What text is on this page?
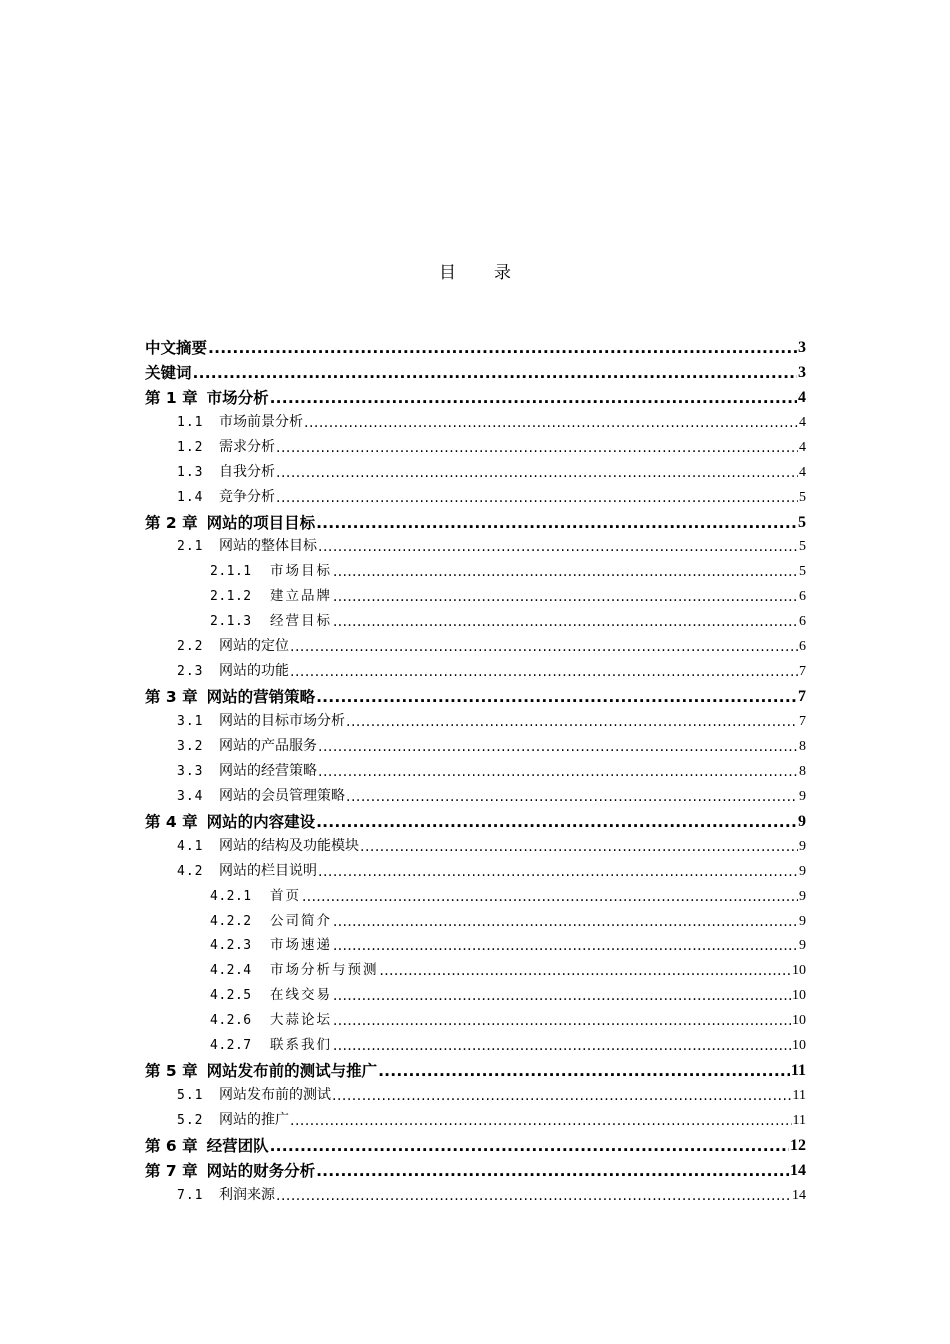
目 录
中文摘要 .....	3
关键词 .....	3
第 1 章 市场分析 .....	4
1.1 市场前景分析 .....	4
1.2 需求分析 .....	4
1.3 自我分析 .....	4
1.4 竞争分析 .....	5
第 2 章 网站的项目目标 .....	5
2.1 网站的整体目标 .....	5
2.1.1 市场目标 .....	5
2.1.2 建立品牌 .....	6
2.1.3 经营目标 .....	6
2.2 网站的定位 .....	6
2.3 网站的功能 .....	7
第 3 章 网站的营销策略 .....	7
3.1 网站的目标市场分析 .....	7
3.2 网站的产品服务 .....	8
3.3 网站的经营策略 .....	8
3.4 网站的会员管理策略 .....	9
第 4 章 网站的内容建设 .....	9
4.1 网站的结构及功能模块 .....	9
4.2 网站的栏目说明 .....	9
4.2.1 首页 .....	9
4.2.2 公司简介 .....	9
4.2.3 市场速递 .....	9
4.2.4 市场分析与预测 .....	10
4.2.5 在线交易 .....	10
4.2.6 大蒜论坛 .....	10
4.2.7 联系我们 .....	10
第 5 章 网站发布前的测试与推广 .....	11
5.1 网站发布前的测试 .....	11
5.2 网站的推广 .....	11
第 6 章 经营团队 .....	12
第 7 章 网站的财务分析 .....	14
7.1 利润来源 .....	14
